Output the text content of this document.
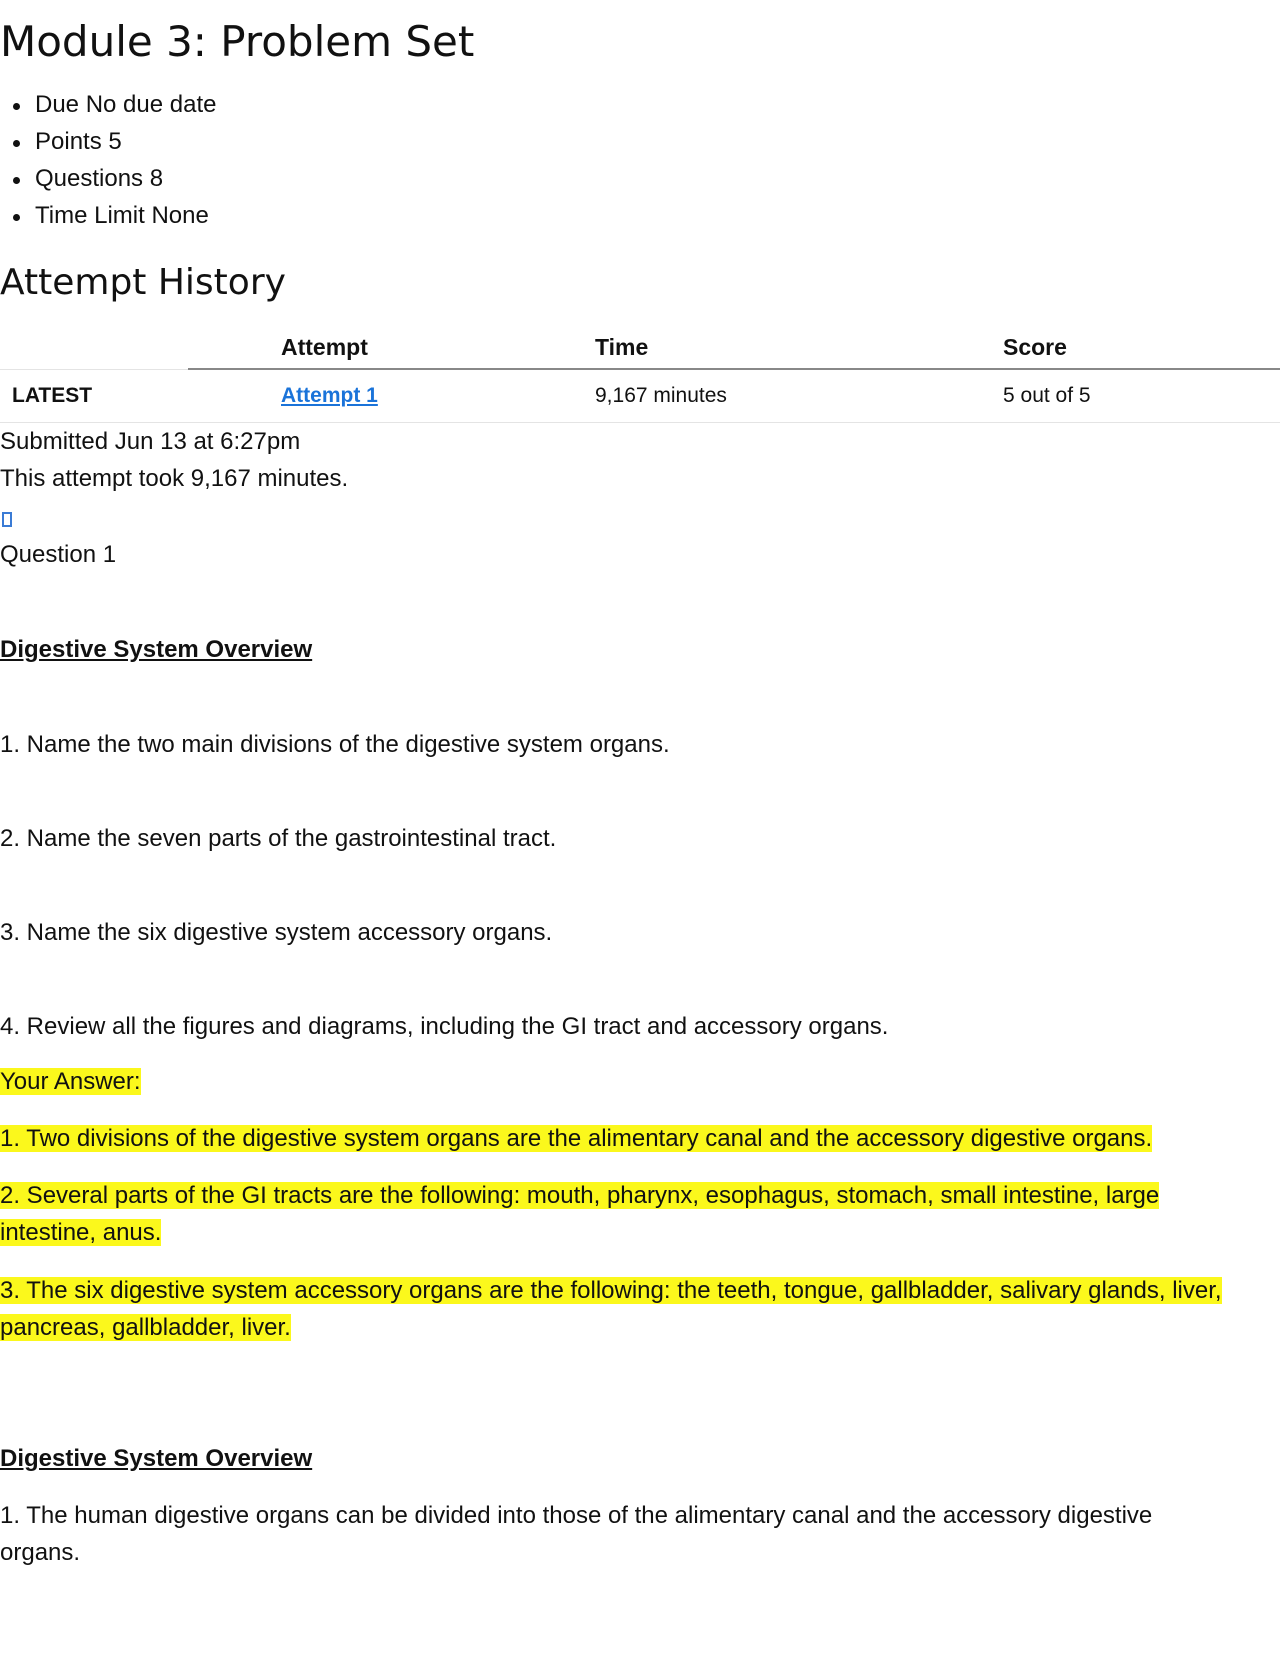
Module 3: Problem Set
Due No due date
Points 5
Questions 8
Time Limit None
Attempt History
	Attempt	Time	Score
LATEST	Attempt 1	9,167 minutes	5 out of 5

Submitted Jun 13 at 6:27pm

This attempt took 9,167 minutes.

Question 1

Digestive System Overview

1. Name the two main divisions of the digestive system organs.

2. Name the seven parts of the gastrointestinal tract.

3. Name the six digestive system accessory organs.

4. Review all the figures and diagrams, including the GI tract and accessory organs.

Your Answer:

1. Two divisions of the digestive system organs are the alimentary canal and the accessory digestive organs.

2. Several parts of the GI tracts are the following: mouth, pharynx, esophagus, stomach, small intestine, large intestine, anus.

3. The six digestive system accessory organs are the following: the teeth, tongue, gallbladder, salivary glands, liver, pancreas, gallbladder, liver.

Digestive System Overview

1. The human digestive organs can be divided into those of the alimentary canal and the accessory digestive organs.
